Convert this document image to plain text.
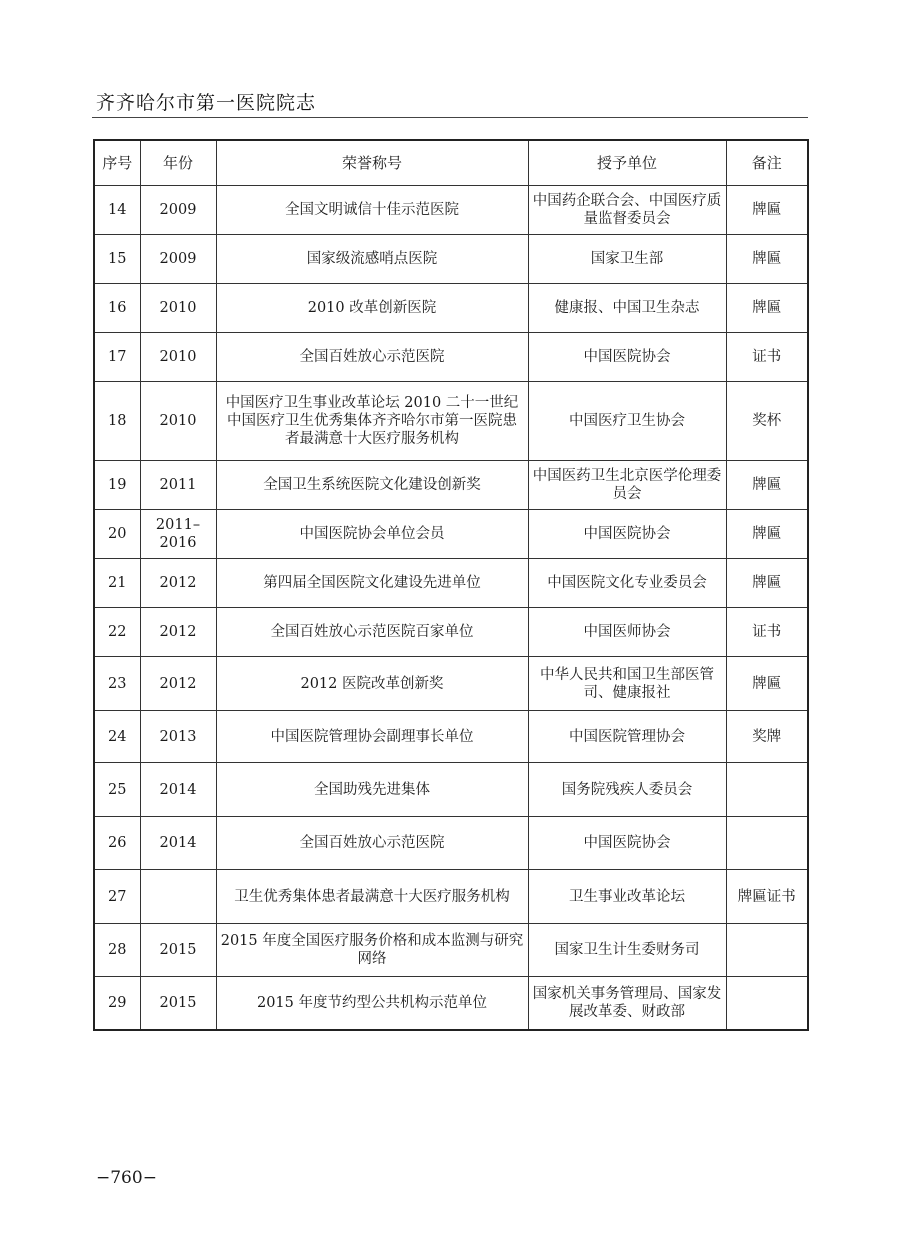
齐齐哈尔市第一医院院志
序号	年份	荣誉称号	授予单位	备注
14	2009	全国文明诚信十佳示范医院	中国药企联合会、中国医疗质量监督委员会	牌匾
15	2009	国家级流感哨点医院	国家卫生部	牌匾
16	2010	2010 改革创新医院	健康报、中国卫生杂志	牌匾
17	2010	全国百姓放心示范医院	中国医院协会	证书
18	2010	中国医疗卫生事业改革论坛 2010 二十一世纪中国医疗卫生优秀集体齐齐哈尔市第一医院患者最满意十大医疗服务机构	中国医疗卫生协会	奖杯
19	2011	全国卫生系统医院文化建设创新奖	中国医药卫生北京医学伦理委员会	牌匾
20	2011–2016	中国医院协会单位会员	中国医院协会	牌匾
21	2012	第四届全国医院文化建设先进单位	中国医院文化专业委员会	牌匾
22	2012	全国百姓放心示范医院百家单位	中国医师协会	证书
23	2012	2012 医院改革创新奖	中华人民共和国卫生部医管司、健康报社	牌匾
24	2013	中国医院管理协会副理事长单位	中国医院管理协会	奖牌
25	2014	全国助残先进集体	国务院残疾人委员会	
26	2014	全国百姓放心示范医院	中国医院协会	
27		卫生优秀集体患者最满意十大医疗服务机构	卫生事业改革论坛	牌匾证书
28	2015	2015 年度全国医疗服务价格和成本监测与研究网络	国家卫生计生委财务司	
29	2015	2015 年度节约型公共机构示范单位	国家机关事务管理局、国家发展改革委、财政部	
−760−
